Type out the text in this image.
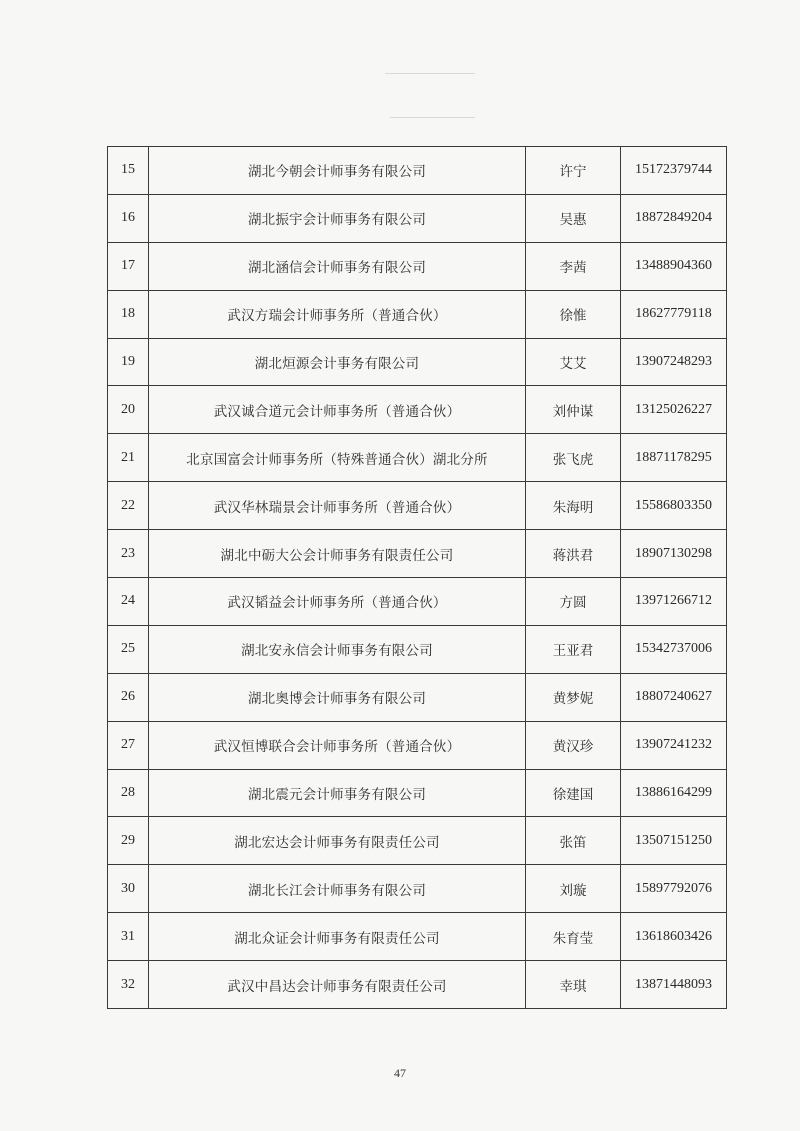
15	湖北今朝会计师事务有限公司	许宁	15172379744
16	湖北振宇会计师事务有限公司	吴惠	18872849204
17	湖北涵信会计师事务有限公司	李茜	13488904360
18	武汉方瑞会计师事务所（普通合伙）	徐惟	18627779118
19	湖北烜源会计事务有限公司	艾艾	13907248293
20	武汉诚合道元会计师事务所（普通合伙）	刘仲谋	13125026227
21	北京国富会计师事务所（特殊普通合伙）湖北分所	张飞虎	18871178295
22	武汉华林瑞景会计师事务所（普通合伙）	朱海明	15586803350
23	湖北中砺大公会计师事务有限责任公司	蒋洪君	18907130298
24	武汉韬益会计师事务所（普通合伙）	方圆	13971266712
25	湖北安永信会计师事务有限公司	王亚君	15342737006
26	湖北奥博会计师事务有限公司	黄梦妮	18807240627
27	武汉恒博联合会计师事务所（普通合伙）	黄汉珍	13907241232
28	湖北震元会计师事务有限公司	徐建国	13886164299
29	湖北宏达会计师事务有限责任公司	张笛	13507151250
30	湖北长江会计师事务有限公司	刘璇	15897792076
31	湖北众证会计师事务有限责任公司	朱育莹	13618603426
32	武汉中昌达会计师事务有限责任公司	幸琪	13871448093
47
